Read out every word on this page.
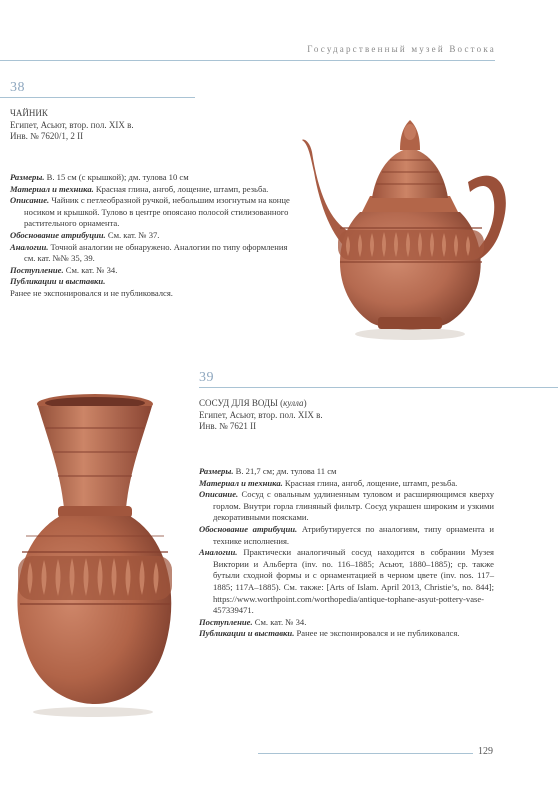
Государственный музей Востока
38
ЧАЙНИК
Египет, Асьют, втор. пол. XIX в.
Инв. № 7620/1, 2 II

Размеры. В. 15 см (с крышкой); дм. тулова 10 см

Материал и техника. Красная глина, ангоб, лощение, штамп, резьба.

Описание. Чайник с петлеобразной ручкой, небольшим изогнутым на конце носиком и крышкой. Тулово в центре опоясано полосой стилизованного растительного орнамента.

Обоснование атрибуции. См. кат. № 37.

Аналогии. Точной аналогии не обнаружено. Аналогии по типу оформления см. кат. №№ 35, 39.

Поступление. См. кат. № 34.

Публикации и выставки.

Ранее не экспонировался и не публиковался.

39
СОСУД ДЛЯ ВОДЫ (кулла)
Египет, Асьют, втор. пол. XIX в.
Инв. № 7621 II

Размеры. В. 21,7 см; дм. тулова 11 см

Материал и техника. Красная глина, ангоб, лощение, штамп, резьба.

Описание. Сосуд с овальным удлиненным туловом и расширяющимся кверху горлом. Внутри горла глиняный фильтр. Сосуд украшен широким и узкими декоративными поясками.

Обоснование атрибуции. Атрибутируется по аналогиям, типу орнамента и технике исполнения.

Аналогии. Практически аналогичный сосуд находится в собрании Музея Виктории и Альберта (inv. no. 116–1885; Асьют, 1880–1885); ср. также бутыли сходной формы и с орнаментацией в черном цвете (inv. nos. 117–1885; 117A–1885). См. также: [Arts of Islam. April 2013, Christie’s, no. 844]; https://www.worthpoint.com/worthopedia/antique-tophane-asyut-pottery-vase-457339471.

Поступление. См. кат. № 34.

Публикации и выставки. Ранее не экспонировался и не публиковался.

129
